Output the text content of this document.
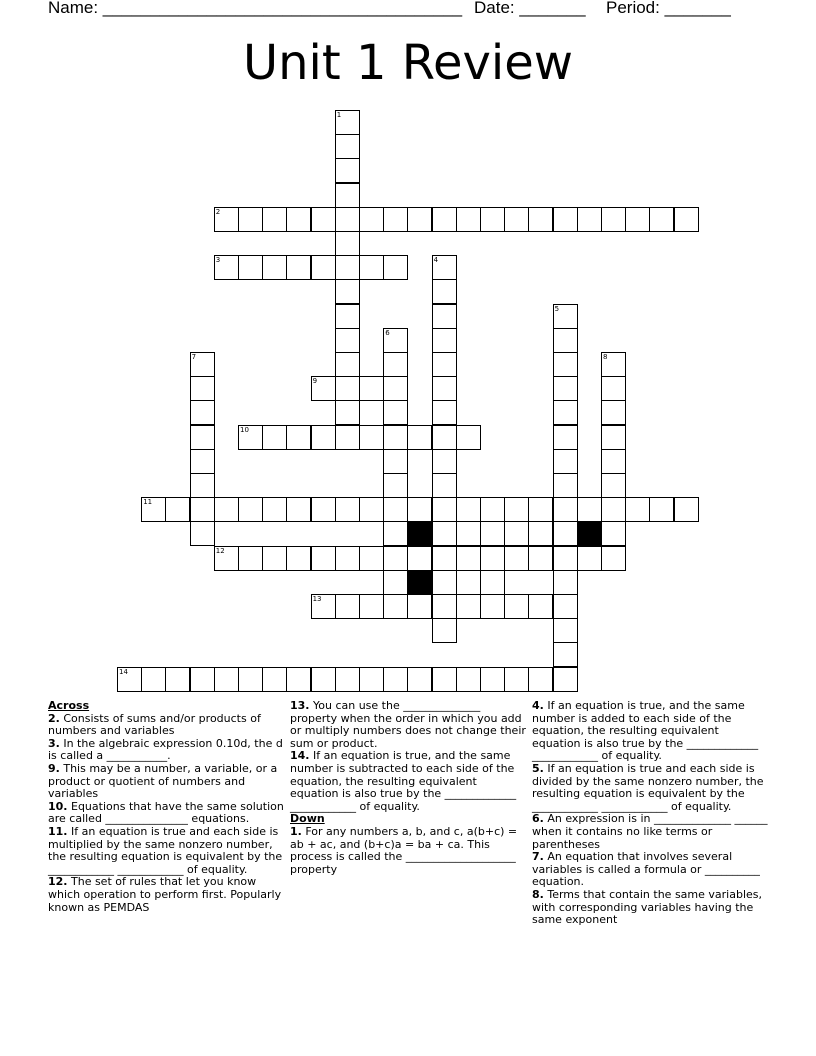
Name: ______________________________________ Date: _______ Period: _______
Unit 1 Review
2
3
9
10
11
12
13
14
1
4
5
6
7	8
Across
2. Consists of sums and/or products of numbers and variables
3. In the algebraic expression 0.10d, the d is called a ___________.
9. This may be a number, a variable, or a product or quotient of numbers and variables
10. Equations that have the same solution are called _______________ equations.
11. If an equation is true and each side is multiplied by the same nonzero number, the resulting equation is equivalent by the ____________ ____________ of equality.
12. The set of rules that let you know which operation to perform first. Popularly known as PEMDAS
13. You can use the ______________ property when the order in which you add or multiply numbers does not change their sum or product.
14. If an equation is true, and the same number is subtracted to each side of the equation, the resulting equivalent equation is also true by the _____________ ____________ of equality.
Down
1. For any numbers a, b, and c, a(b+c) = ab + ac, and (b+c)a = ba + ca. This process is called the ____________________ property
4. If an equation is true, and the same number is added to each side of the equation, the resulting equivalent equation is also true by the _____________ ____________ of equality.
5. If an equation is true and each side is divided by the same nonzero number, the resulting equation is equivalent by the ____________ ____________ of equality.
6. An expression is in ______________ ______ when it contains no like terms or parentheses
7. An equation that involves several variables is called a formula or __________ equation.
8. Terms that contain the same variables, with corresponding variables having the same exponent
